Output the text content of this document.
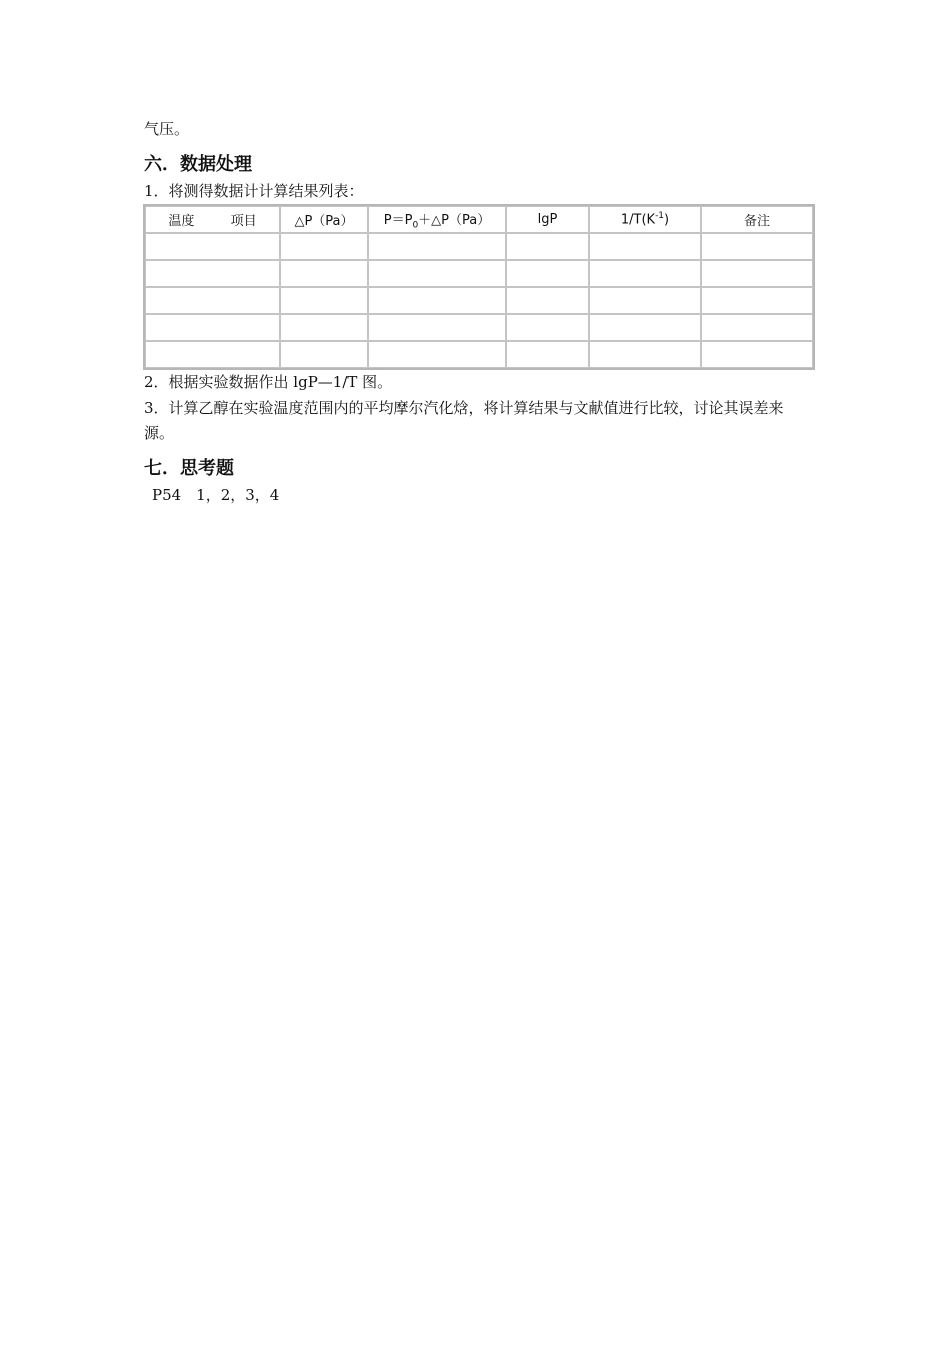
气压。
六．数据处理
1．将测得数据计计算结果列表：
温度 项目	△P（Pa）	$P=P_0+\triangle P(Pa)$	lgP	$1/T(K^{-1})$	备注

2．根据实验数据作出 lgP—1/T 图。
3．计算乙醇在实验温度范围内的平均摩尔汽化焓，将计算结果与文献值进行比较，讨论其误差来源。
七．思考题
P54　1，2，3，4
